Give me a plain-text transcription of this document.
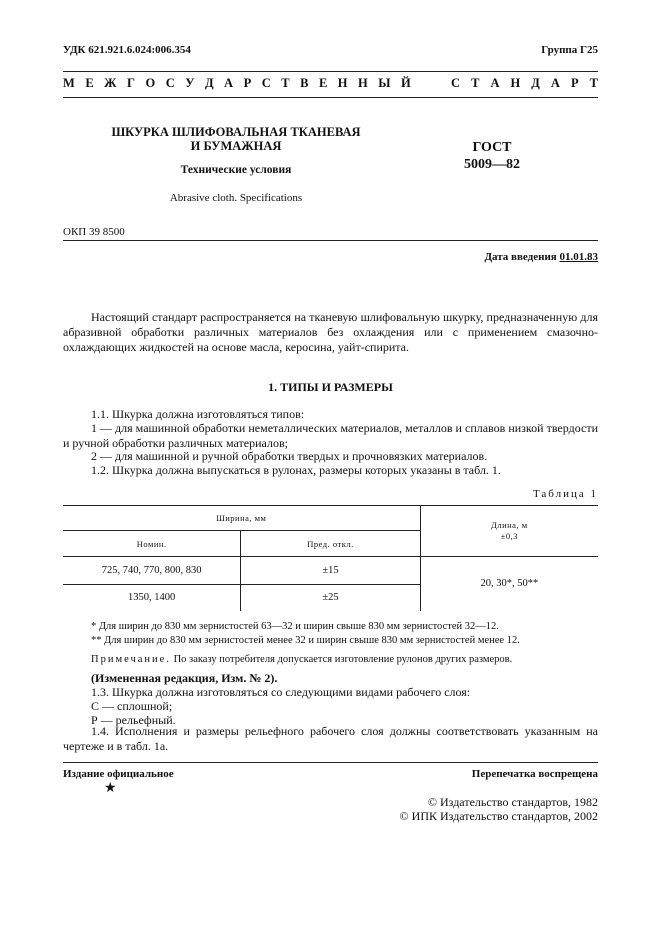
УДК 621.921.6.024:006.354	Группа Г25
М Е Ж Г О С У Д А Р С Т В Е Н Н Ы Й	С Т А Н Д А Р Т
ШКУРКА ШЛИФОВАЛЬНАЯ ТКАНЕВАЯ
И БУМАЖНАЯ	ГОСТ
5009—82
Технические условия
Abrasive cloth. Specifications
ОКП 39 8500
Дата введения 01.01.83
Настоящий стандарт распространяется на тканевую шлифовальную шкурку, предназначенную для абразивной обработки различных материалов без охлаждения или с применением смазочно-охлаждающих жидкостей на основе масла, керосина, уайт-спирита.
1. ТИПЫ И РАЗМЕРЫ
1.1. Шкурка должна изготовляться типов:
1 — для машинной обработки неметаллических материалов, металлов и сплавов низкой твердости и ручной обработки различных материалов;
2 — для машинной и ручной обработки твердых и прочновязких материалов.
1.2. Шкурка должна выпускаться в рулонах, размеры которых указаны в табл. 1.
Таблица 1
Ширина, мм		Длина, м
±0,3

Номин.	Пред. откл.	
725, 740, 770, 800, 830	±15	20, 30*, 50**
1350, 1400	±25	
* Для ширин до 830 мм зернистостей 63—32 и ширин свыше 830 мм зернистостей 32—12.
** Для ширин до 830 мм зернистостей менее 32 и ширин свыше 830 мм зернистостей менее 12.
Примечание. По заказу потребителя допускается изготовление рулонов других размеров.
(Измененная редакция, Изм. № 2).
1.3. Шкурка должна изготовляться со следующими видами рабочего слоя:
С — сплошной;
Р — рельефный.
1.4. Исполнения и размеры рельефного рабочего слоя должны соответствовать указанным на чертеже и в табл. 1а.
Издание официальное	Перепечатка воспрещена
★
© Издательство стандартов, 1982
© ИПК Издательство стандартов, 2002
